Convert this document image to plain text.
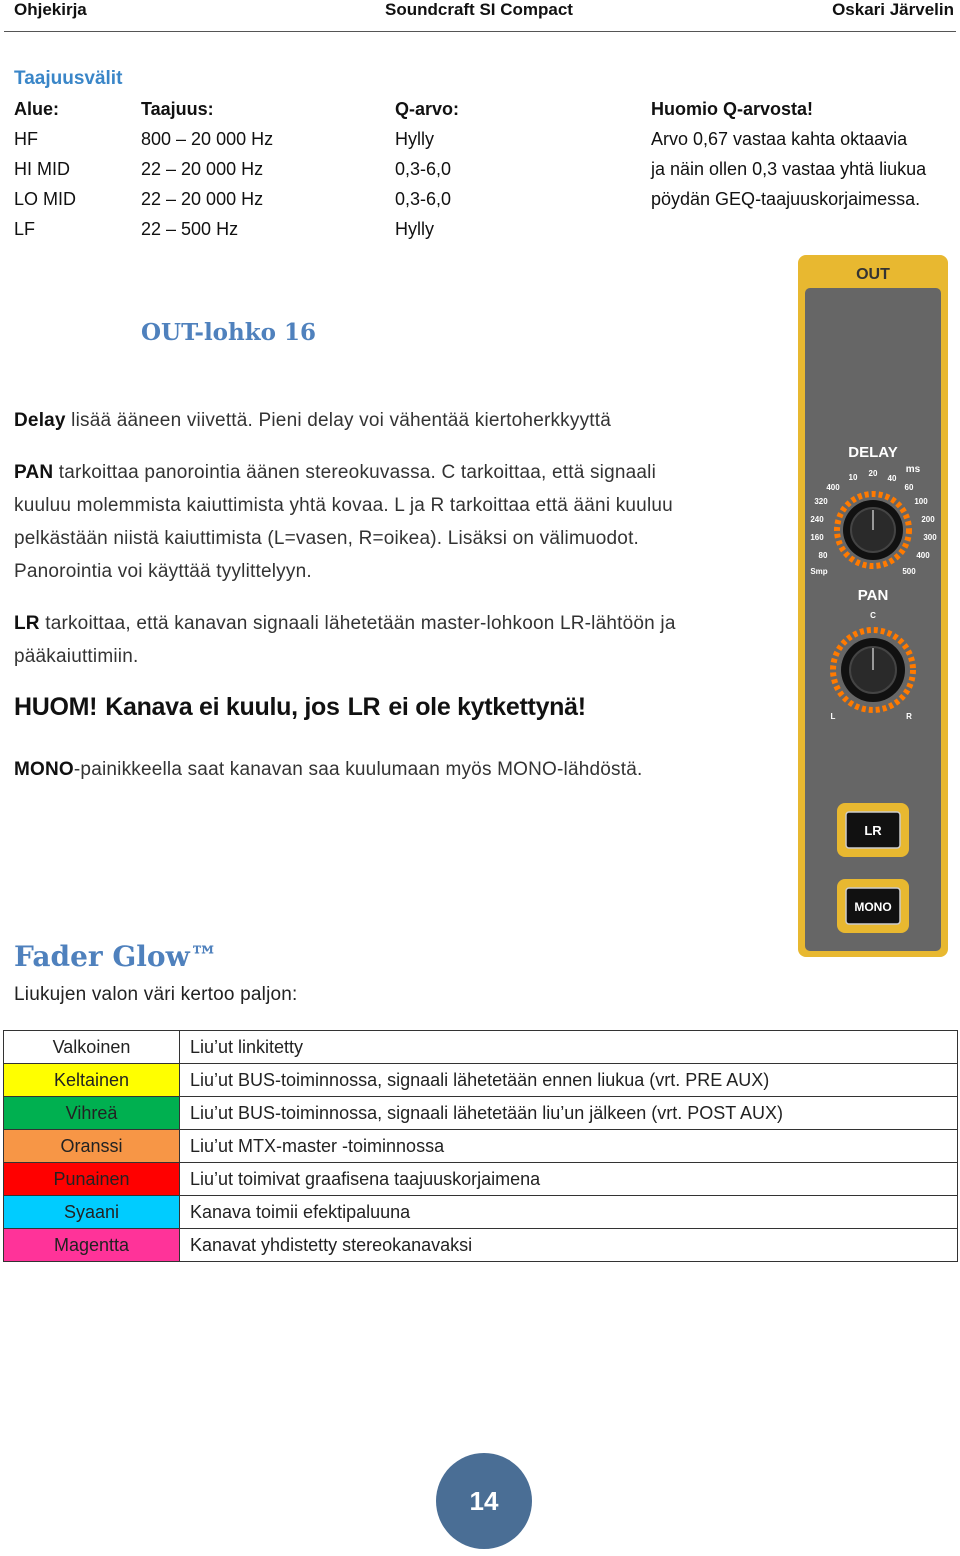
Ohjekirja	Soundcraft SI Compact	Oskari Järvelin
Taajuusvälit
Alue:	Taajuus:	Q-arvo:	Huomio Q-arvosta!
HF	800 – 20 000 Hz	Hylly	Arvo 0,67 vastaa kahta oktaavia
HI MID	22 – 20 000 Hz	0,3-6,0	ja näin ollen 0,3 vastaa yhtä liukua
LO MID	22 – 20 000 Hz	0,3-6,0	pöydän GEQ-taajuuskorjaimessa.
LF	22 – 500 Hz	Hylly
OUT-lohko 16
Delay lisää ääneen viivettä. Pieni delay voi vähentää kiertoherkkyyttä
PAN tarkoittaa panorointia äänen stereokuvassa. C tarkoittaa, että signaali
kuuluu molemmista kaiuttimista yhtä kovaa. L ja R tarkoittaa että ääni kuuluu
pelkästään niistä kaiuttimista (L=vasen, R=oikea). Lisäksi on välimuodot.
Panorointia voi käyttää tyylittelyyn.
LR tarkoittaa, että kanavan signaali lähetetään master-lohkoon LR-lähtöön ja
pääkaiuttimiin.
HUOM! Kanava ei kuulu, jos LR ei ole kytkettynä!
MONO-painikkeella saat kanavan saa kuulumaan myös MONO-lähdöstä.
OUT
DELAY
ms
10 20
40
400	60
320	100
240	200
160	300
80	400
Smp	500
PAN
C
L	R
LR
MONO
Fader Glow™
Liukujen valon väri kertoo paljon:
Valkoinen	Liu’ut linkitetty
Keltainen	Liu’ut BUS-toiminnossa, signaali lähetetään ennen liukua (vrt. PRE AUX)
Vihreä	Liu’ut BUS-toiminnossa, signaali lähetetään liu’un jälkeen (vrt. POST AUX)
Oranssi	Liu’ut MTX-master -toiminnossa
Punainen	Liu’ut toimivat graafisena taajuuskorjaimena
Syaani	Kanava toimii efektipaluuna
Magentta	Kanavat yhdistetty stereokanavaksi
14
